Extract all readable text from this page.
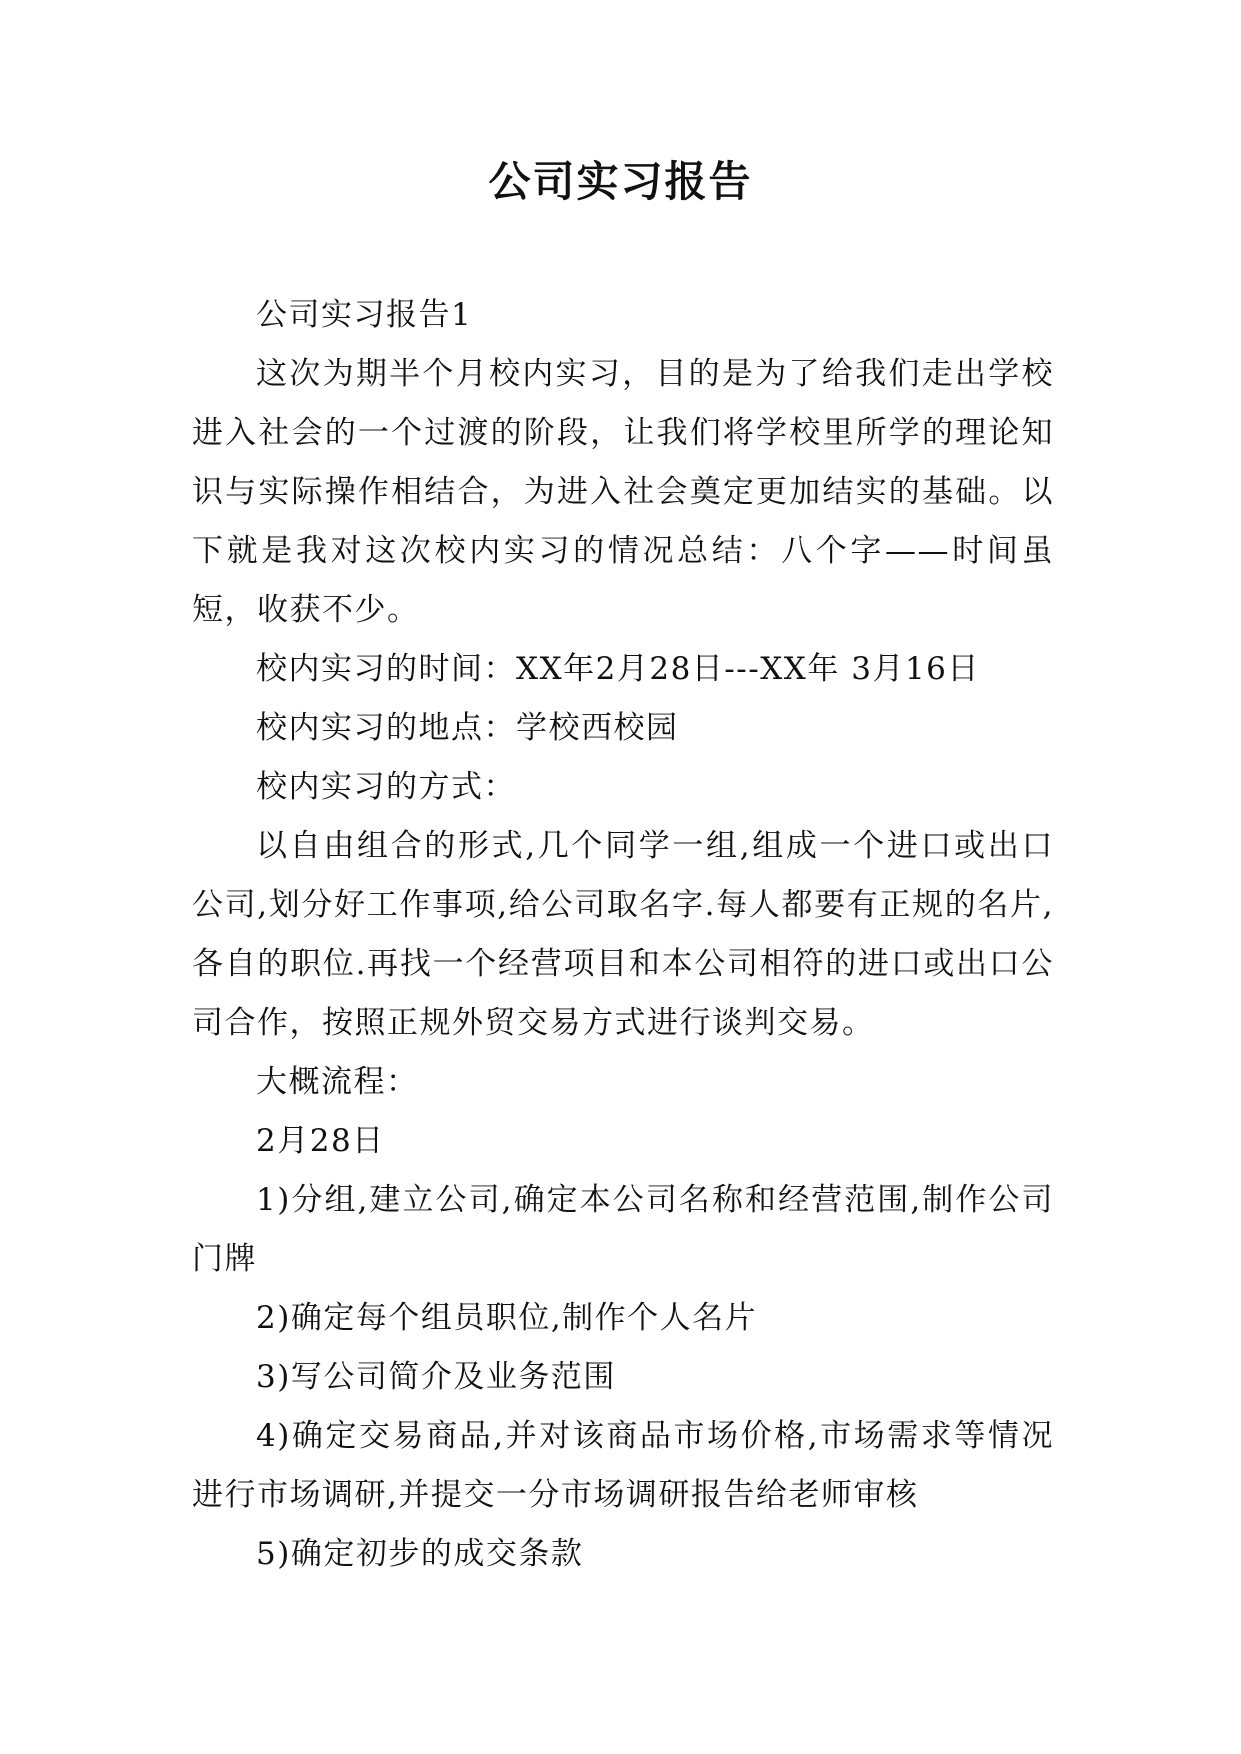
公司实习报告

公司实习报告1

这次为期半个月校内实习，目的是为了给我们走出学校进入社会的一个过渡的阶段，让我们将学校里所学的理论知识与实际操作相结合，为进入社会奠定更加结实的基础。以下就是我对这次校内实习的情况总结：八个字——时间虽短，收获不少。

校内实习的时间：XX年2月28日---XX年 3月16日

校内实习的地点：学校西校园

校内实习的方式：

以自由组合的形式,几个同学一组,组成一个进口或出口公司,划分好工作事项,给公司取名字.每人都要有正规的名片,各自的职位.再找一个经营项目和本公司相符的进口或出口公司合作，按照正规外贸交易方式进行谈判交易。

大概流程：

2月28日

1)分组,建立公司,确定本公司名称和经营范围,制作公司门牌

2)确定每个组员职位,制作个人名片

3)写公司简介及业务范围

4)确定交易商品,并对该商品市场价格,市场需求等情况进行市场调研,并提交一分市场调研报告给老师审核

5)确定初步的成交条款
